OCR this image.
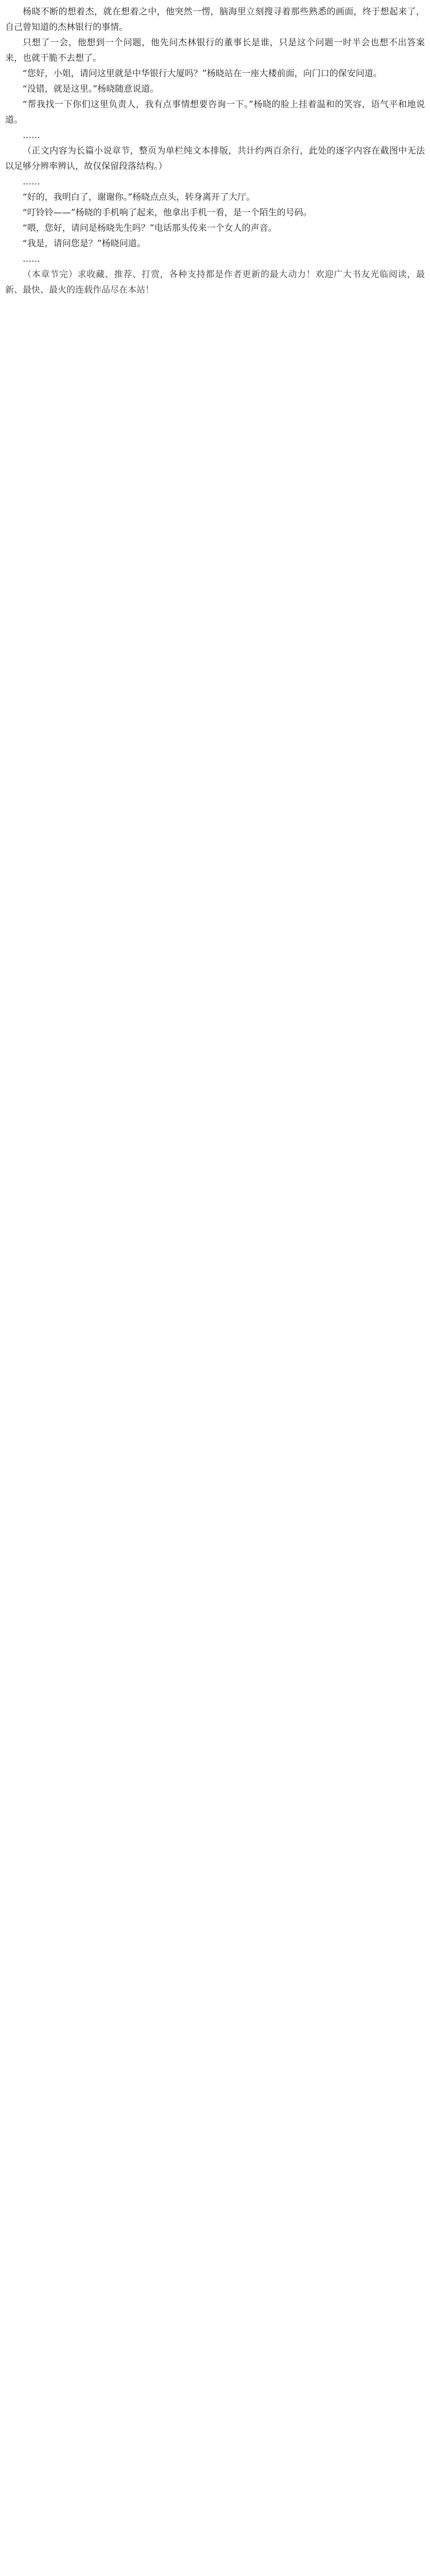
杨晓不断的想着杰，就在想着之中，他突然一愣，脑海里立刻搜寻着那些熟悉的画面，终于想起来了，自己曾知道的杰林银行的事情。

只想了一会，他想到一个问题，他先问杰林银行的董事长是谁，只是这个问题一时半会也想不出答案来，也就干脆不去想了。

“您好，小姐，请问这里就是中华银行大厦吗？”杨晓站在一座大楼前面，向门口的保安问道。

“没错，就是这里。”杨晓随意说道。

“帮我找一下你们这里负责人，我有点事情想要咨询一下。”杨晓的脸上挂着温和的笑容，语气平和地说道。

……

（正文内容为长篇小说章节，整页为单栏纯文本排版，共计约两百余行，此处的逐字内容在截图中无法以足够分辨率辨认，故仅保留段落结构。）

……

“好的，我明白了，谢谢你。”杨晓点点头，转身离开了大厅。

“叮铃铃——”杨晓的手机响了起来，他拿出手机一看，是一个陌生的号码。

“喂，您好，请问是杨晓先生吗？”电话那头传来一个女人的声音。

“我是，请问您是？”杨晓问道。

……

（本章节完）求收藏、推荐、打赏，各种支持都是作者更新的最大动力！欢迎广大书友光临阅读，最新、最快、最火的连载作品尽在本站！
